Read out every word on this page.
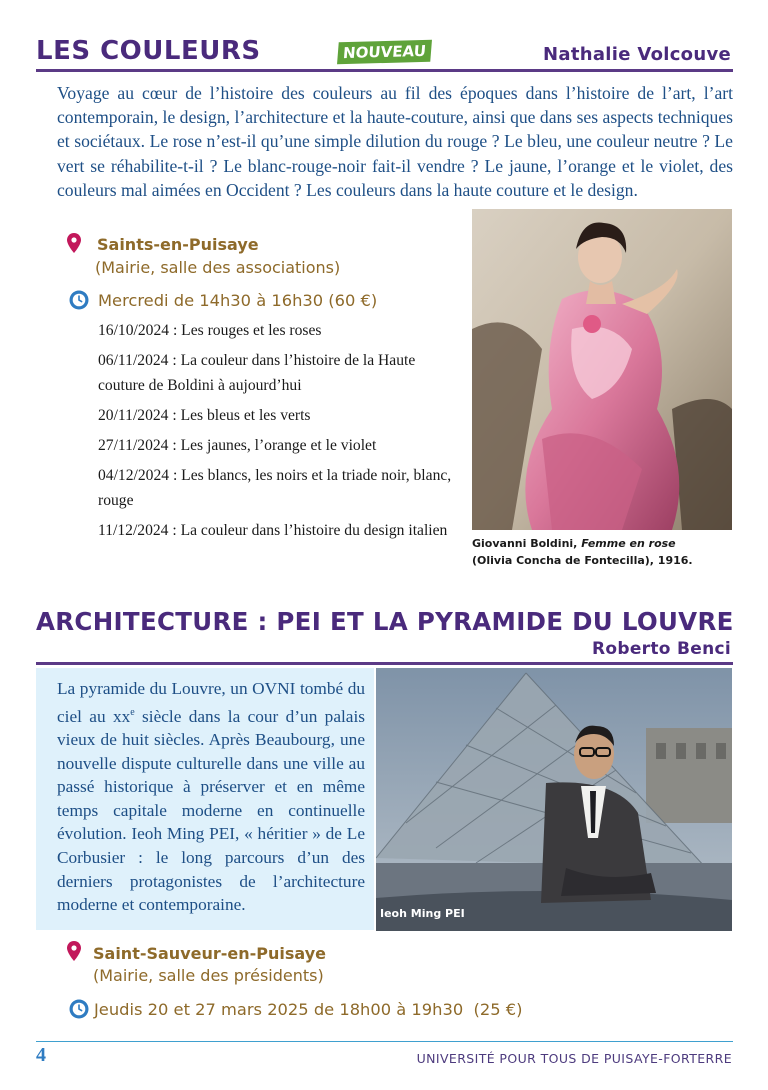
LES COULEURS	NOUVEAU	Nathalie Volcouve

Voyage au cœur de l’histoire des couleurs au fil des époques dans l’histoire de l’art, l’art contemporain, le design, l’architecture et la haute-couture, ainsi que dans ses aspects techniques et sociétaux. Le rose n’est-il qu’une simple dilution du rouge ? Le bleu, une couleur neutre ? Le vert se réhabilite-t-il ? Le blanc-rouge-noir fait-il vendre ? Le jaune, l’orange et le violet, des couleurs mal aimées en Occident ? Les couleurs dans la haute couture et le design.

Saints-en-Puisaye
(Mairie, salle des associations)
Mercredi de 14h30 à 16h30 (60 €)
16/10/2024 : Les rouges et les roses
06/11/2024 : La couleur dans l’histoire de la Haute couture de Boldini à aujourd’hui
20/11/2024 : Les bleus et les verts
27/11/2024 : Les jaunes, l’orange et le violet
04/12/2024 : Les blancs, les noirs et la triade noir, blanc, rouge
11/12/2024 : La couleur dans l’histoire du design italien
Giovanni Boldini, Femme en rose
(Olivia Concha de Fontecilla), 1916.
ARCHITECTURE : PEI ET LA PYRAMIDE DU LOUVRE
Roberto Benci

La pyramide du Louvre, un OVNI tombé du ciel au $xx^e$ siècle dans la cour d’un palais vieux de huit siècles. Après Beaubourg, une nouvelle dispute culturelle dans une ville au passé historique à préserver et en même temps capitale moderne en continuelle évolution. Ieoh Ming PEI, « héritier » de Le Corbusier : le long parcours d’un des derniers protagonistes de l’architecture moderne et contemporaine.	Ieoh Ming PEI
Saint-Sauveur-en-Puisaye
(Mairie, salle des présidents)
Jeudis 20 et 27 mars 2025 de 18h00 à 19h30  (25 €)
4	UNIVERSITÉ POUR TOUS DE PUISAYE-FORTERRE
